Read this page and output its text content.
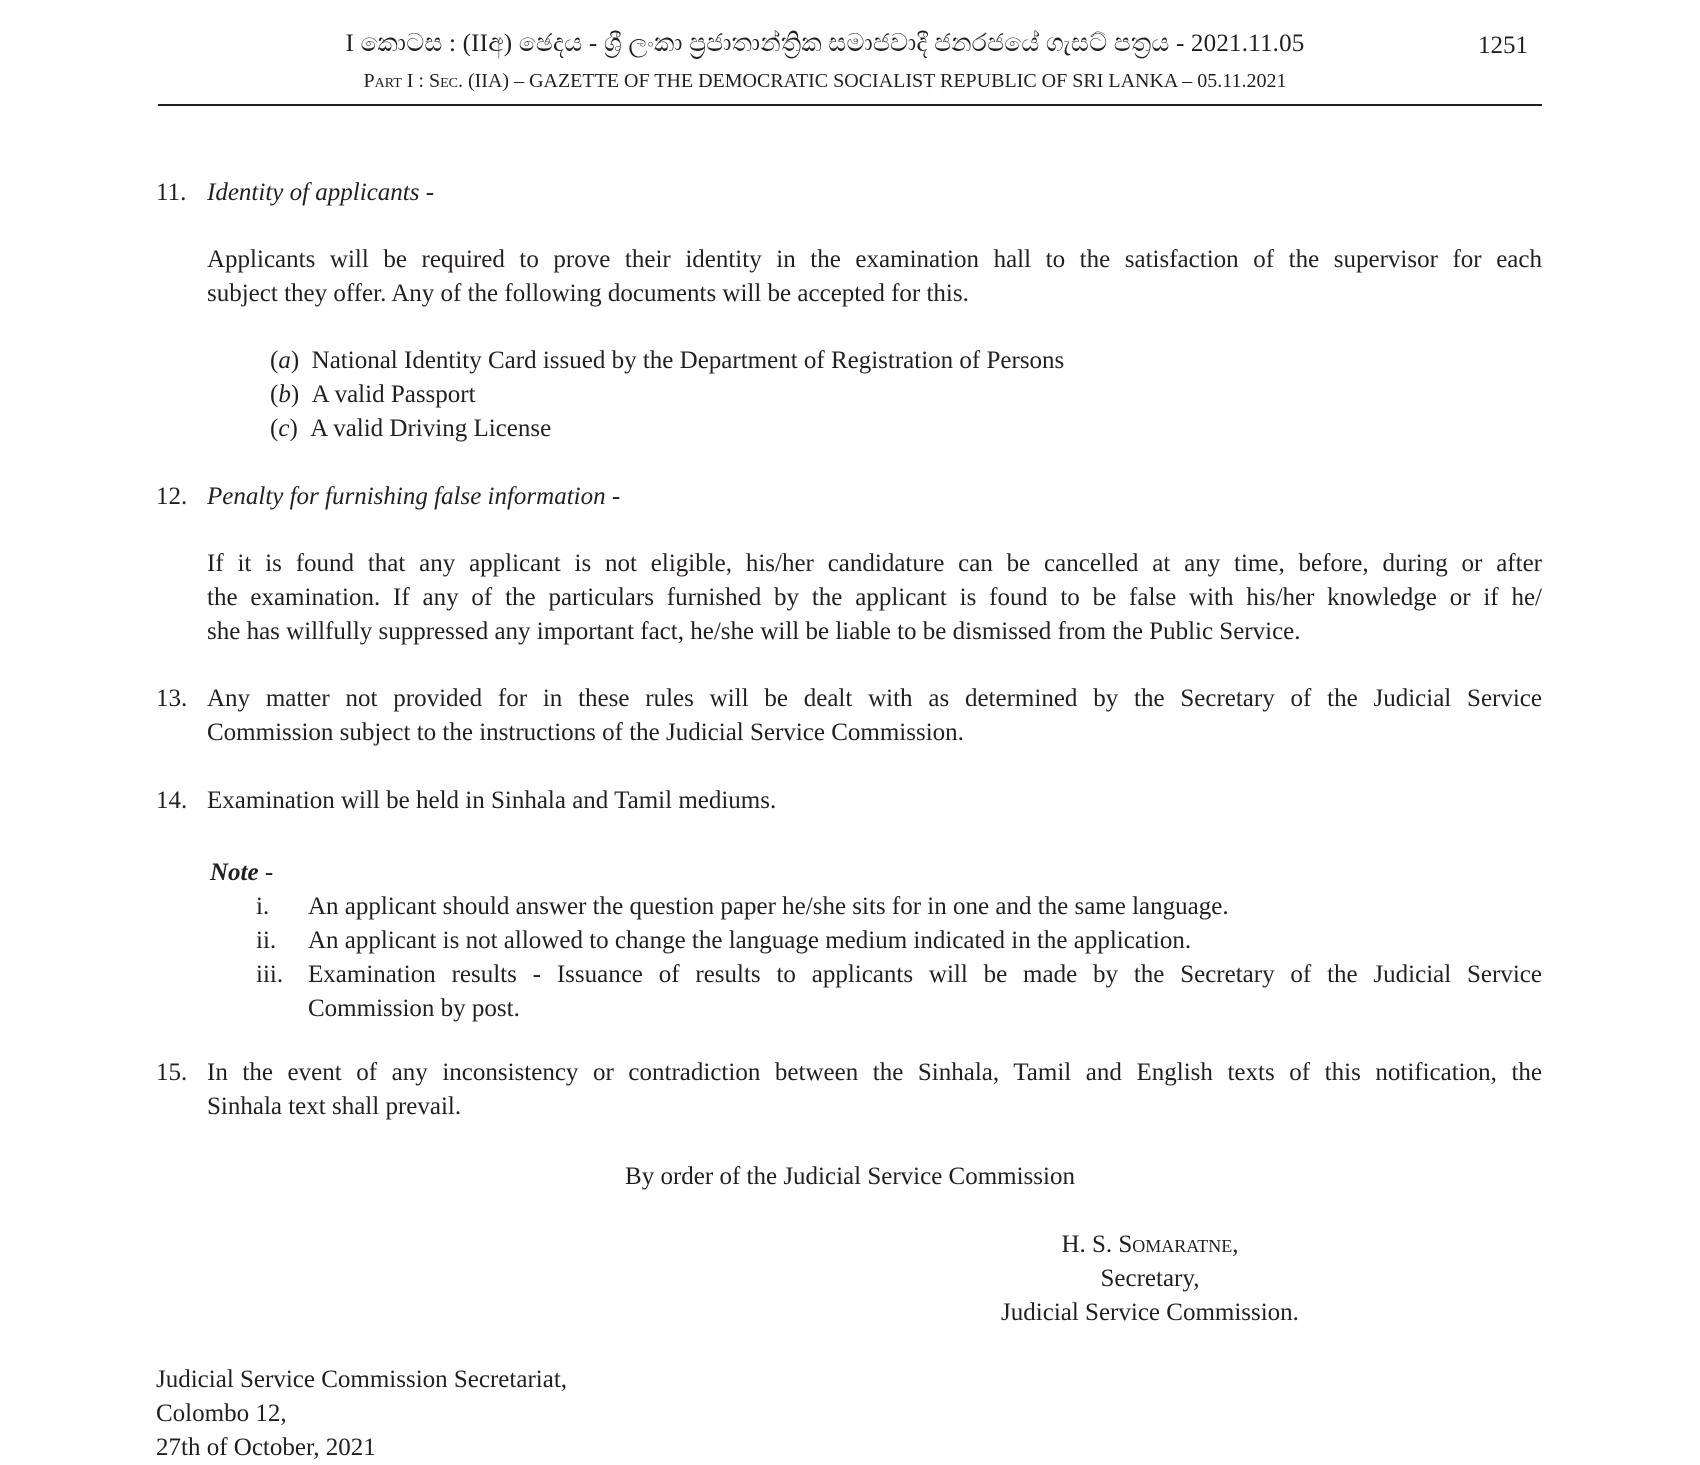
I කොටස : (IIඅ) ඡෙදය - ශ්‍රී ලංකා ප්‍රජාතාන්ත්‍රික සමාජවාදී ජනරජයේ ගැසට් පත්‍රය - 2021.11.05	1251
Part I : Sec. (IIA) – GAZETTE OF THE DEMOCRATIC SOCIALIST REPUBLIC OF SRI LANKA – 05.11.2021
11. Identity of applicants -
Applicants will be required to prove their identity in the examination hall to the satisfaction of the supervisor for each
subject they offer. Any of the following documents will be accepted for this.
(a) National Identity Card issued by the Department of Registration of Persons
(b) A valid Passport
(c) A valid Driving License
12. Penalty for furnishing false information -
If it is found that any applicant is not eligible, his/her candidature can be cancelled at any time, before, during or after
the examination. If any of the particulars furnished by the applicant is found to be false with his/her knowledge or if he/
she has willfully suppressed any important fact, he/she will be liable to be dismissed from the Public Service.
13. Any matter not provided for in these rules will be dealt with as determined by the Secretary of the Judicial Service
Commission subject to the instructions of the Judicial Service Commission.
14. Examination will be held in Sinhala and Tamil mediums.
Note -
i. An applicant should answer the question paper he/she sits for in one and the same language.
ii. An applicant is not allowed to change the language medium indicated in the application.
iii. Examination results - Issuance of results to applicants will be made by the Secretary of the Judicial Service
Commission by post.
15. In the event of any inconsistency or contradiction between the Sinhala, Tamil and English texts of this notification, the
Sinhala text shall prevail.
By order of the Judicial Service Commission
H. S. Somaratne,
Secretary,
Judicial Service Commission.
Judicial Service Commission Secretariat,
Colombo 12,
27th of October, 2021
